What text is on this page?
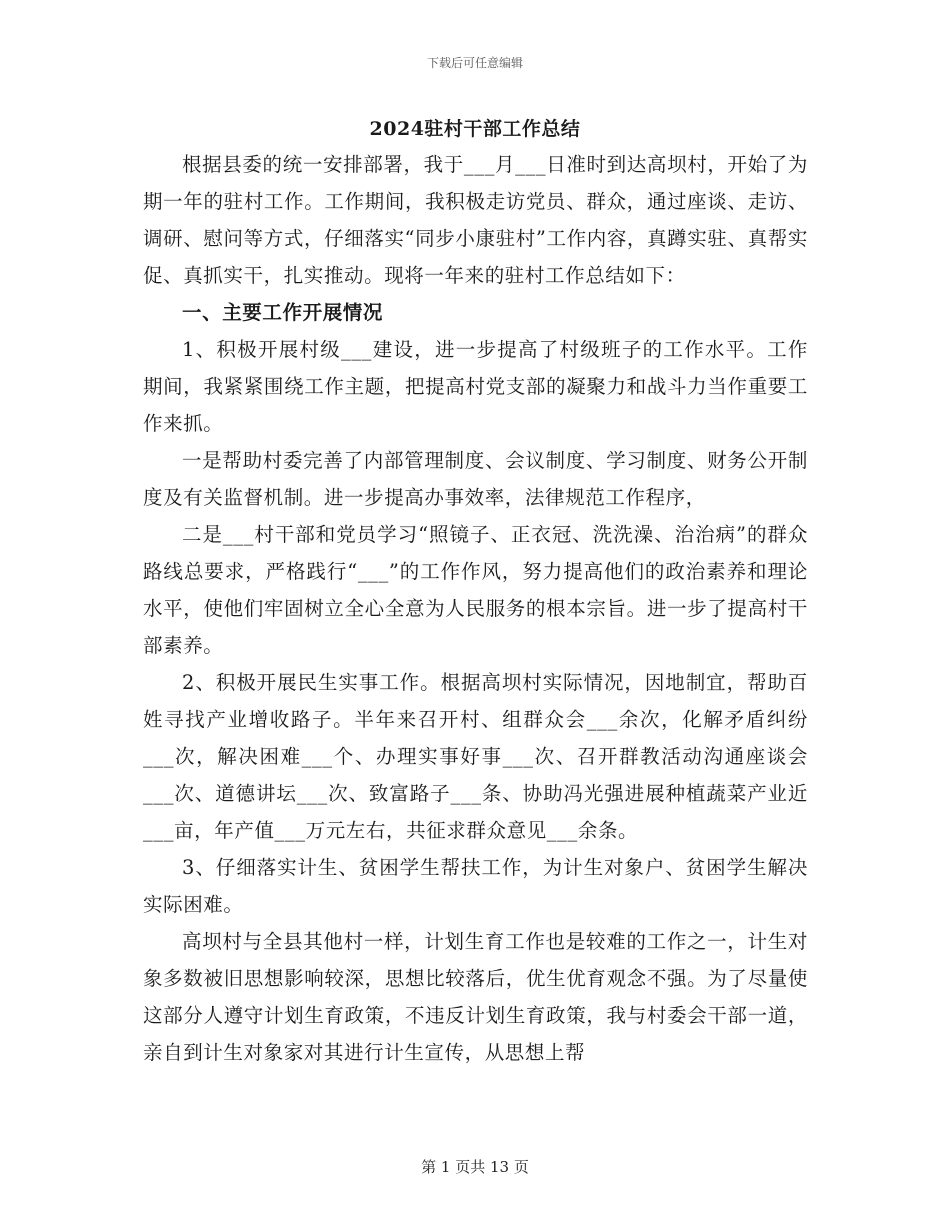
下载后可任意编辑
2024驻村干部工作总结

根据县委的统一安排部署，我于___月___日准时到达高坝村，开始了为期一年的驻村工作。工作期间，我积极走访党员、群众，通过座谈、走访、调研、慰问等方式，仔细落实“同步小康驻村”工作内容，真蹲实驻、真帮实促、真抓实干，扎实推动。现将一年来的驻村工作总结如下：

一、主要工作开展情况

1、积极开展村级___建设，进一步提高了村级班子的工作水平。工作期间，我紧紧围绕工作主题，把提高村党支部的凝聚力和战斗力当作重要工作来抓。

一是帮助村委完善了内部管理制度、会议制度、学习制度、财务公开制度及有关监督机制。进一步提高办事效率，法律规范工作程序，

二是___村干部和党员学习“照镜子、正衣冠、洗洗澡、治治病”的群众路线总要求，严格践行“___”的工作作风，努力提高他们的政治素养和理论水平，使他们牢固树立全心全意为人民服务的根本宗旨。进一步了提高村干部素养。

2、积极开展民生实事工作。根据高坝村实际情况，因地制宜，帮助百姓寻找产业增收路子。半年来召开村、组群众会___余次，化解矛盾纠纷___次，解决困难___个、办理实事好事___次、召开群教活动沟通座谈会___次、道德讲坛___次、致富路子___条、协助冯光强进展种植蔬菜产业近___亩，年产值___万元左右，共征求群众意见___余条。

3、仔细落实计生、贫困学生帮扶工作，为计生对象户、贫困学生解决实际困难。

高坝村与全县其他村一样，计划生育工作也是较难的工作之一，计生对象多数被旧思想影响较深，思想比较落后，优生优育观念不强。为了尽量使这部分人遵守计划生育政策，不违反计划生育政策，我与村委会干部一道，亲自到计生对象家对其进行计生宣传，从思想上帮

第 1 页共 13 页
